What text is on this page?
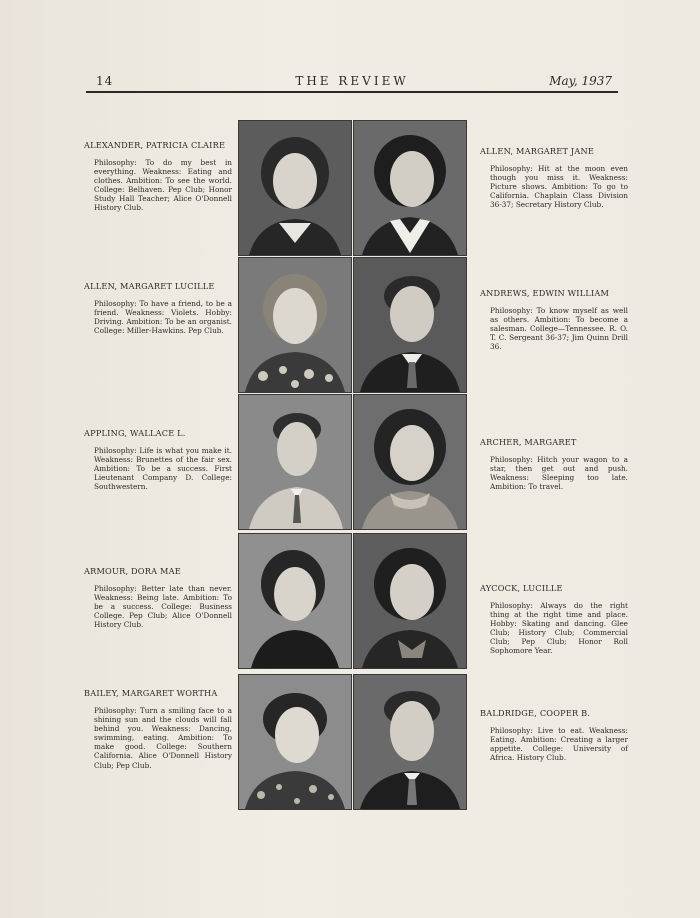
14	THE REVIEW	May, 1937
ALEXANDER, PATRICIA CLAIRE

Philosophy: To do my best in everything. Weakness: Eating and clothes. Ambition: To see the world. College: Belhaven. Pep Club; Honor Study Hall Teacher; Alice O'Donnell History Club.

ALLEN, MARGARET JANE

Philosophy: Hit at the moon even though you miss it. Weakness: Picture shows. Ambition: To go to California. Chaplain Class Division 36-37; Secretary History Club.

ALLEN, MARGARET LUCILLE

Philosophy: To have a friend, to be a friend. Weakness: Violets. Hobby: Driving. Ambition: To be an organist. College: Miller-Hawkins. Pep Club.

ANDREWS, EDWIN WILLIAM

Philosophy: To know myself as well as others. Ambition: To become a salesman. College—Tennessee. R. O. T. C. Sergeant 36-37; Jim Quinn Drill 36.

APPLING, WALLACE L.

Philosophy: Life is what you make it. Weakness: Brunettes of the fair sex. Ambition: To be a success. First Lieutenant Company D. College: Southwestern.

ARCHER, MARGARET

Philosophy: Hitch your wagon to a star, then get out and push. Weakness: Sleeping too late. Ambition: To travel.

ARMOUR, DORA MAE

Philosophy: Better late than never. Weakness: Being late. Ambition: To be a success. College: Business College. Pep Club; Alice O'Donnell History Club.

AYCOCK, LUCILLE

Philosophy: Always do the right thing at the right time and place. Hobby: Skating and dancing. Glee Club; History Club; Commercial Club; Pep Club; Honor Roll Sophomore Year.

BAILEY, MARGARET WORTHA

Philosophy: Turn a smiling face to a shining sun and the clouds will fall behind you. Weakness: Dancing, swimming, eating. Ambition: To make good. College: Southern California. Alice O'Donnell History Club; Pep Club.

BALDRIDGE, COOPER B.

Philosophy: Live to eat. Weakness: Eating. Ambition: Creating a larger appetite. College: University of Africa. History Club.
